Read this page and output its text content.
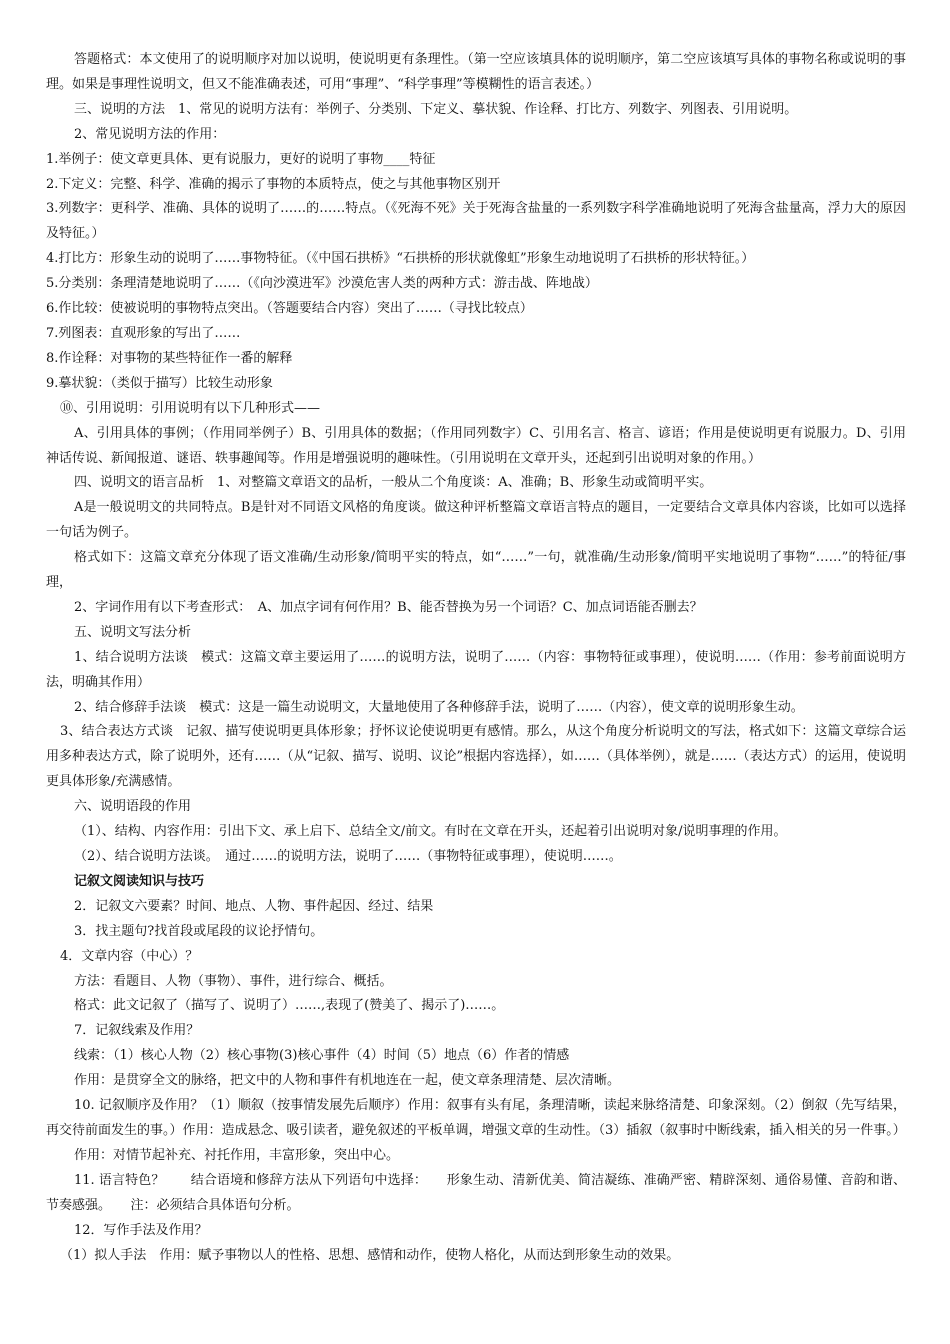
答题格式：本文使用了的说明顺序对加以说明，使说明更有条理性。（第一空应该填具体的说明顺序，第二空应该填写具体的事物名称或说明的事理。如果是事理性说明文，但又不能准确表述，可用“事理”、“科学事理”等模糊性的语言表述。）

三、说明的方法　1、常见的说明方法有：举例子、分类别、下定义、摹状貌、作诠释、打比方、列数字、列图表、引用说明。

2、常见说明方法的作用：

1.举例子：使文章更具体、更有说服力，更好的说明了事物____特征

2.下定义：完整、科学、准确的揭示了事物的本质特点，使之与其他事物区别开

3.列数字：更科学、准确、具体的说明了……的……特点。（《死海不死》关于死海含盐量的一系列数字科学准确地说明了死海含盐量高，浮力大的原因及特征。）

4.打比方：形象生动的说明了……事物特征。（《中国石拱桥》“石拱桥的形状就像虹”形象生动地说明了石拱桥的形状特征。）

5.分类别：条理清楚地说明了……（《向沙漠进军》沙漠危害人类的两种方式：游击战、阵地战）

6.作比较：使被说明的事物特点突出。（答题要结合内容）突出了……（寻找比较点）

7.列图表：直观形象的写出了……

8.作诠释：对事物的某些特征作一番的解释

9.摹状貌：（类似于描写）比较生动形象

⑩、引用说明：引用说明有以下几种形式——

A、引用具体的事例；（作用同举例子）B、引用具体的数据；（作用同列数字）C、引用名言、格言、谚语；作用是使说明更有说服力。D、引用神话传说、新闻报道、谜语、轶事趣闻等。作用是增强说明的趣味性。（引用说明在文章开头，还起到引出说明对象的作用。）

四、说明文的语言品析　1、对整篇文章语文的品析，一般从二个角度谈：A、准确；B、形象生动或简明平实。

A是一般说明文的共同特点。B是针对不同语文风格的角度谈。做这种评析整篇文章语言特点的题目，一定要结合文章具体内容谈，比如可以选择一句话为例子。

格式如下：这篇文章充分体现了语文准确/生动形象/简明平实的特点，如“……”一句，就准确/生动形象/简明平实地说明了事物“……”的特征/事理，

2、字词作用有以下考查形式：　A、加点字词有何作用？B、能否替换为另一个词语？C、加点词语能否删去？

五、说明文写法分析

1、结合说明方法谈　模式：这篇文章主要运用了……的说明方法，说明了……（内容：事物特征或事理），使说明……（作用：参考前面说明方法，明确其作用）

2、结合修辞手法谈　模式：这是一篇生动说明文，大量地使用了各种修辞手法，说明了……（内容），使文章的说明形象生动。

3、结合表达方式谈　记叙、描写使说明更具体形象；抒怀议论使说明更有感情。那么，从这个角度分析说明文的写法，格式如下：这篇文章综合运用多种表达方式，除了说明外，还有……（从“记叙、描写、说明、议论”根据内容选择），如……（具体举例），就是……（表达方式）的运用，使说明更具体形象/充满感情。

六、说明语段的作用

（1）、结构、内容作用：引出下文、承上启下、总结全文/前文。有时在文章在开头，还起着引出说明对象/说明事理的作用。

（2）、结合说明方法谈。　通过……的说明方法，说明了……（事物特征或事理），使说明……。

记叙文阅读知识与技巧

2．记叙文六要素？时间、地点、人物、事件起因、经过、结果

3．找主题句?找首段或尾段的议论抒情句。

4．文章内容（中心）？

方法：看题目、人物（事物）、事件，进行综合、概括。

格式：此文记叙了（描写了、说明了）……,表现了(赞美了、揭示了)……。

7．记叙线索及作用？

线索：（1）核心人物（2）核心事物(3)核心事件（4）时间（5）地点（6）作者的情感

作用：是贯穿全文的脉络，把文中的人物和事件有机地连在一起，使文章条理清楚、层次清晰。

10. 记叙顺序及作用？（1）顺叙（按事情发展先后顺序）作用：叙事有头有尾，条理清晰，读起来脉络清楚、印象深刻。（2）倒叙（先写结果，再交待前面发生的事。）作用：造成悬念、吸引读者，避免叙述的平板单调，增强文章的生动性。（3）插叙（叙事时中断线索，插入相关的另一件事。）

作用：对情节起补充、衬托作用，丰富形象，突出中心。

11. 语言特色？　　结合语境和修辞方法从下列语句中选择：　　形象生动、清新优美、简洁凝练、准确严密、精辟深刻、通俗易懂、音韵和谐、节奏感强。　　注：必须结合具体语句分析。

12．写作手法及作用？

（1）拟人手法　作用：赋予事物以人的性格、思想、感情和动作，使物人格化，从而达到形象生动的效果。
